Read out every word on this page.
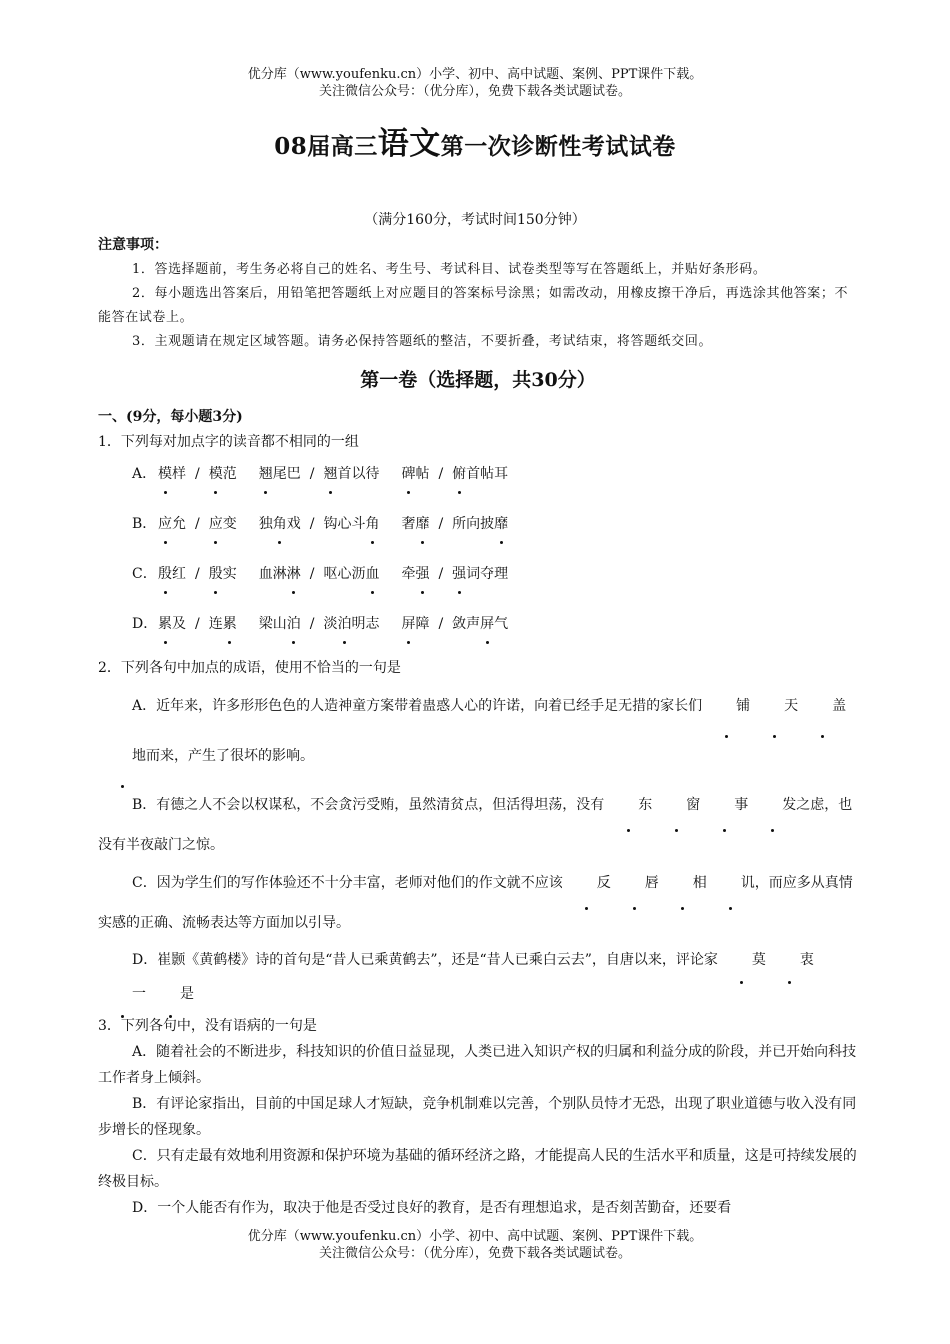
优分库（www.youfenku.cn）小学、初中、高中试题、案例、PPT课件下载。
关注微信公众号：（优分库），免费下载各类试题试卷。
08届高三语文第一次诊断性考试试卷
（满分160分，考试时间150分钟）
注意事项：
1．答选择题前，考生务必将自己的姓名、考生号、考试科目、试卷类型等写在答题纸上，并贴好条形码。
2．每小题选出答案后，用铅笔把答题纸上对应题目的答案标号涂黑；如需改动，用橡皮擦干净后，再选涂其他答案；不能答在试卷上。
3．主观题请在规定区域答题。请务必保持答题纸的整洁，不要折叠，考试结束，将答题纸交回。
第一卷（选择题，共30分）
一、(9分，每小题3分)
1．下列每对加点字的读音都不相同的一组
A． 模样 / 模范 翘尾巴 / 翘首以待 碑帖 / 俯首帖耳
B． 应允 / 应变 独角戏 / 钩心斗角 奢靡 / 所向披靡
C． 殷红 / 殷实 血淋淋 / 呕心沥血 牵强 / 强词夺理
D． 累及 / 连累 梁山泊 / 淡泊明志 屏障 / 敛声屏气
2．下列各句中加点的成语，使用不恰当的一句是
A．近年来，许多形形色色的人造神童方案带着蛊惑人心的许诺，向着已经手足无措的家长们 铺 天 盖地而来，产生了很坏的影响。
B．有德之人不会以权谋私，不会贪污受贿，虽然清贫点，但活得坦荡，没有 东 窗 事 发之虑，也没有半夜敲门之惊。
C．因为学生们的写作体验还不十分丰富，老师对他们的作文就不应该 反 唇 相 讥，而应多从真情实感的正确、流畅表达等方面加以引导。
D．崔颢《黄鹤楼》诗的首句是“昔人已乘黄鹤去”，还是“昔人已乘白云去”，自唐以来，评论家 莫 衷一 是
3．下列各句中，没有语病的一句是
A．随着社会的不断进步，科技知识的价值日益显现，人类已进入知识产权的归属和利益分成的阶段，并已开始向科技工作者身上倾斜。
B．有评论家指出，目前的中国足球人才短缺，竞争机制难以完善，个别队员恃才无恐，出现了职业道德与收入没有同步增长的怪现象。
C．只有走最有效地利用资源和保护环境为基础的循环经济之路，才能提高人民的生活水平和质量，这是可持续发展的终极目标。
D．一个人能否有作为，取决于他是否受过良好的教育，是否有理想追求，是否刻苦勤奋，还要看
优分库（www.youfenku.cn）小学、初中、高中试题、案例、PPT课件下载。
关注微信公众号：（优分库），免费下载各类试题试卷。
